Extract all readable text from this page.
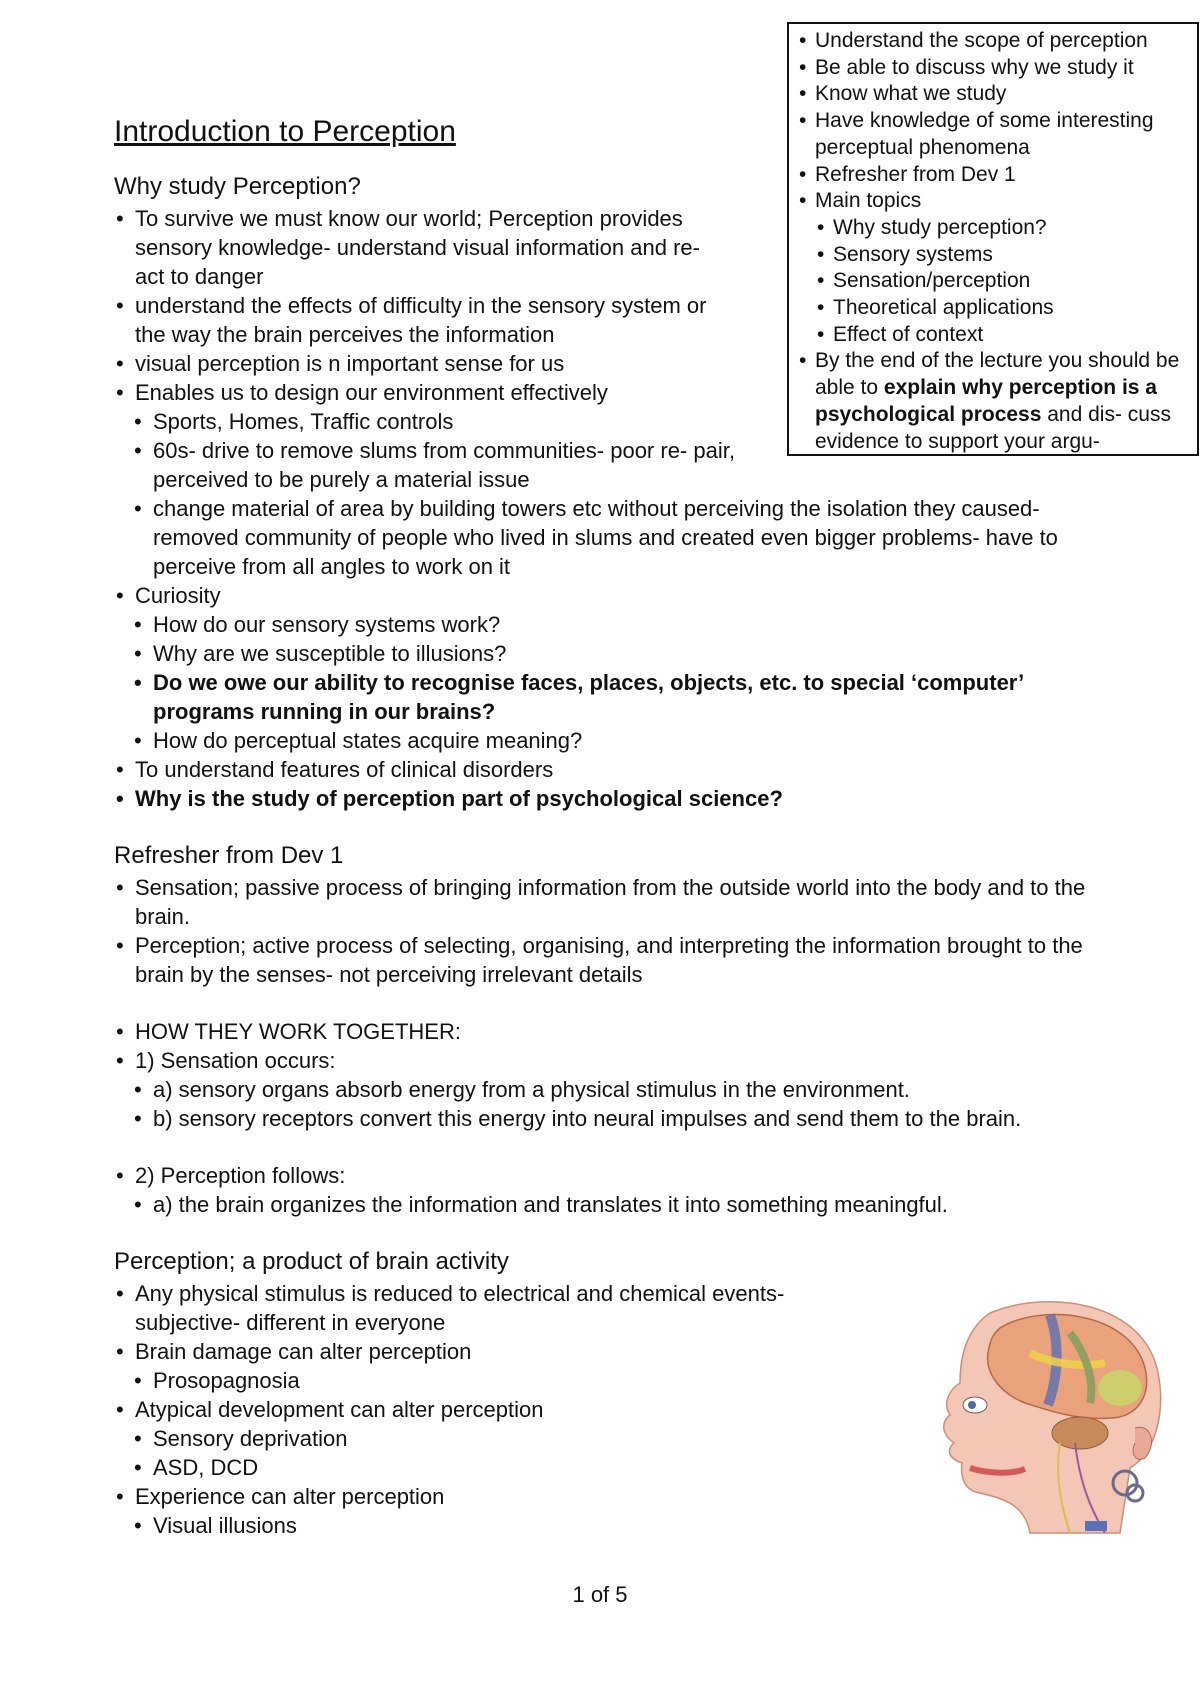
• Understand the scope of perception
• Be able to discuss why we study it
• Know what we study
• Have knowledge of some interesting perceptual phenomena
• Refresher from Dev 1
• Main topics
• Why study perception?
• Sensory systems
• Sensation/perception
• Theoretical applications
• Effect of context
• By the end of the lecture you should be able to explain why perception is a psychological process and dis- cuss evidence to support your argu-
Introduction to Perception
Why study Perception?
• To survive we must know our world; Perception provides sensory knowledge- understand visual information and re- act to danger
• understand the effects of difficulty in the sensory system or the way the brain perceives the information
• visual perception is n important sense for us
• Enables us to design our environment effectively
• Sports, Homes, Traffic controls
• 60s- drive to remove slums from communities- poor re- pair, perceived to be purely a material issue
• change material of area by building towers etc without perceiving the isolation they caused- removed community of people who lived in slums and created even bigger problems- have to perceive from all angles to work on it
• Curiosity
• How do our sensory systems work?
• Why are we susceptible to illusions?
• Do we owe our ability to recognise faces, places, objects, etc. to special ‘computer’ programs running in our brains?
• How do perceptual states acquire meaning?
• To understand features of clinical disorders
• Why is the study of perception part of psychological science?
Refresher from Dev 1
• Sensation; passive process of bringing information from the outside world into the body and to the brain.
• Perception; active process of selecting, organising, and interpreting the information brought to the brain by the senses- not perceiving irrelevant details
• HOW THEY WORK TOGETHER:
• 1) Sensation occurs:
• a) sensory organs absorb energy from a physical stimulus in the environment.
• b) sensory receptors convert this energy into neural impulses and send them to the brain.
• 2) Perception follows:
• a) the brain organizes the information and translates it into something meaningful.
Perception; a product of brain activity
• Any physical stimulus is reduced to electrical and chemical events- subjective- different in everyone
• Brain damage can alter perception
• Prosopagnosia
• Atypical development can alter perception
• Sensory deprivation
• ASD, DCD
• Experience can alter perception
• Visual illusions
1 of 5
